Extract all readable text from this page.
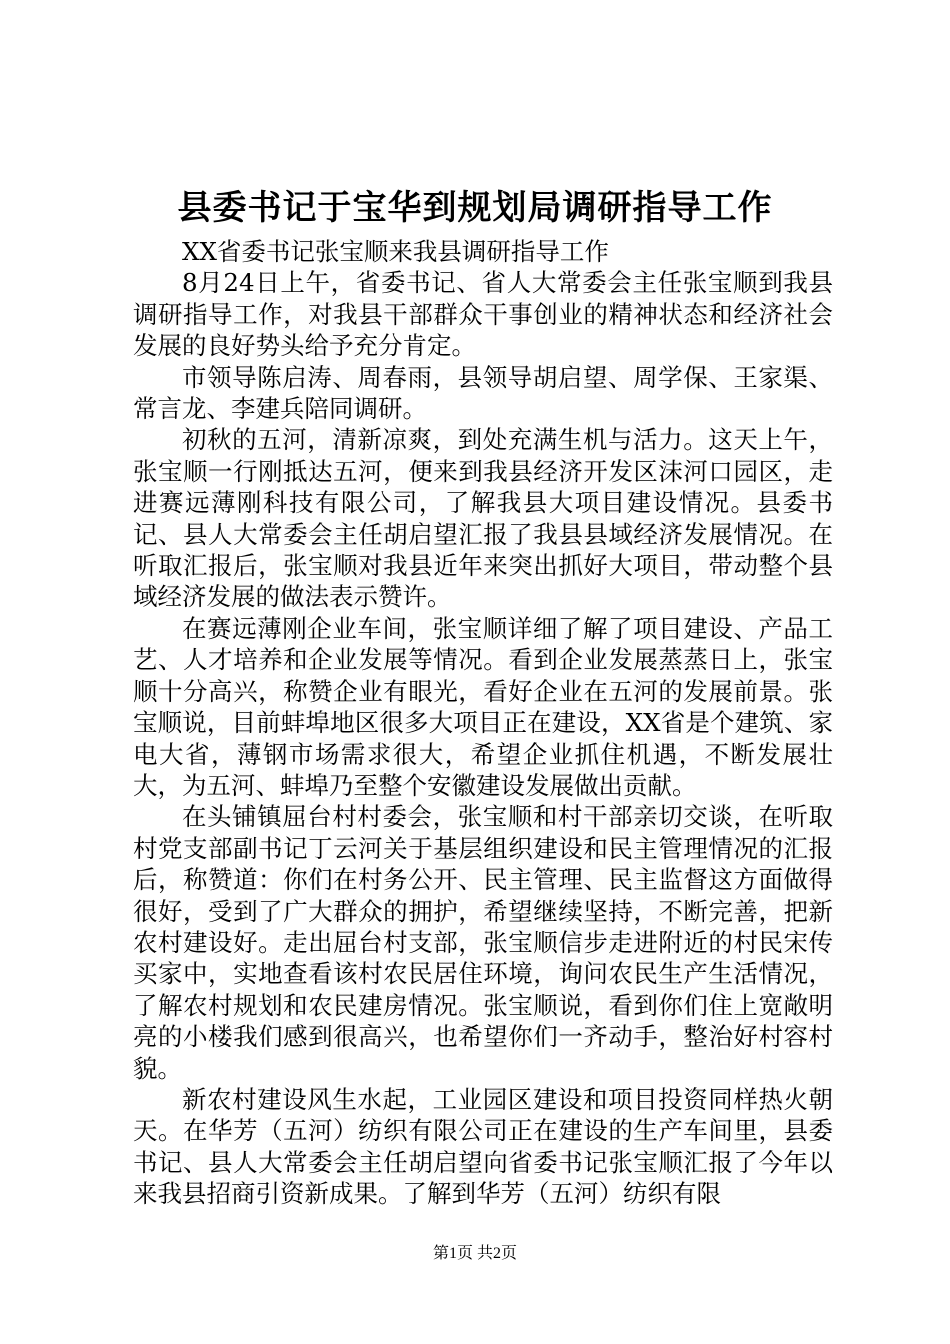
县委书记于宝华到规划局调研指导工作

XX省委书记张宝顺来我县调研指导工作

8月24日上午，省委书记、省人大常委会主任张宝顺到我县调研指导工作，对我县干部群众干事创业的精神状态和经济社会发展的良好势头给予充分肯定。

市领导陈启涛、周春雨，县领导胡启望、周学保、王家渠、常言龙、李建兵陪同调研。

初秋的五河，清新凉爽，到处充满生机与活力。这天上午，张宝顺一行刚抵达五河，便来到我县经济开发区沫河口园区，走进赛远薄刚科技有限公司，了解我县大项目建设情况。县委书记、县人大常委会主任胡启望汇报了我县县域经济发展情况。在听取汇报后，张宝顺对我县近年来突出抓好大项目，带动整个县域经济发展的做法表示赞许。

在赛远薄刚企业车间，张宝顺详细了解了项目建设、产品工艺、人才培养和企业发展等情况。看到企业发展蒸蒸日上，张宝顺十分高兴，称赞企业有眼光，看好企业在五河的发展前景。张宝顺说，目前蚌埠地区很多大项目正在建设，XX省是个建筑、家电大省，薄钢市场需求很大，希望企业抓住机遇，不断发展壮大，为五河、蚌埠乃至整个安徽建设发展做出贡献。

在头铺镇屈台村村委会，张宝顺和村干部亲切交谈，在听取村党支部副书记丁云河关于基层组织建设和民主管理情况的汇报后，称赞道：你们在村务公开、民主管理、民主监督这方面做得很好，受到了广大群众的拥护，希望继续坚持，不断完善，把新农村建设好。走出屈台村支部，张宝顺信步走进附近的村民宋传买家中，实地查看该村农民居住环境，询问农民生产生活情况，了解农村规划和农民建房情况。张宝顺说，看到你们住上宽敞明亮的小楼我们感到很高兴，也希望你们一齐动手，整治好村容村貌。

新农村建设风生水起，工业园区建设和项目投资同样热火朝天。在华芳（五河）纺织有限公司正在建设的生产车间里，县委书记、县人大常委会主任胡启望向省委书记张宝顺汇报了今年以来我县招商引资新成果。了解到华芳（五河）纺织有限

第1页 共2页
